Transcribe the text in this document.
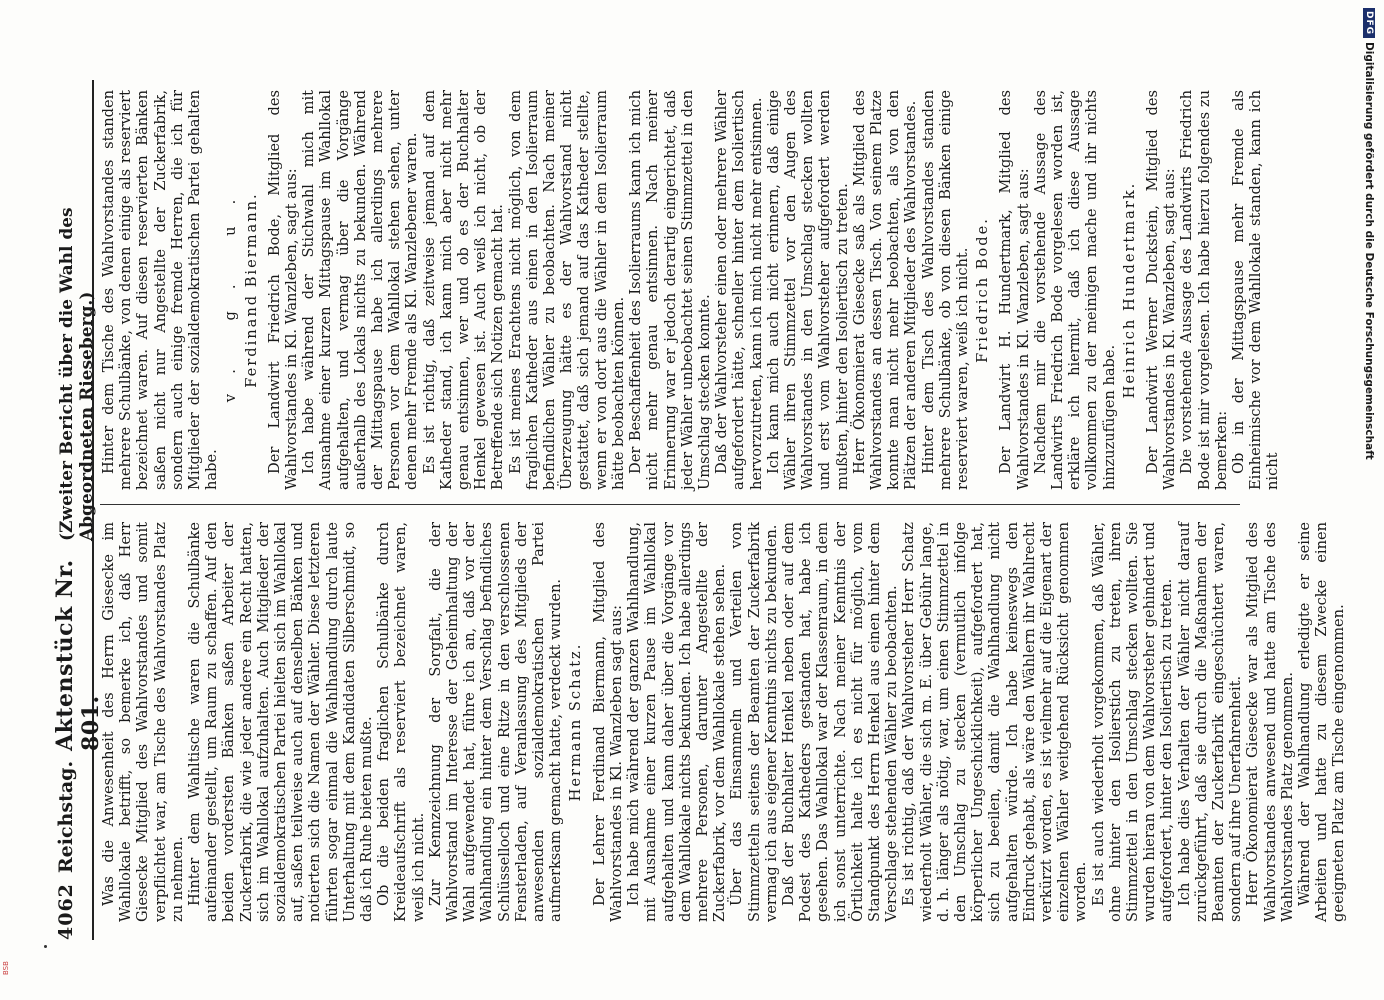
4062
Reichstag.
Aktenstück Nr. 801.
(Zweiter Bericht über die Wahl des Abgeordneten Rieseberg.)

Was die Anwesenheit des Herrn Giesecke im Wahllokale betrifft, so bemerke ich, daß Herr Giesecke Mitglied des Wahlvorstandes und somit verpflichtet war, am Tische des Wahlvorstandes Platz zu nehmen. Hinter dem Wahltische waren die Schulbänke aufeinander gestellt, um Raum zu schaffen. Auf den beiden vordersten Bänken saßen Arbeiter der Zuckerfabrik, die wie jeder andere ein Recht hatten, sich im Wahllokal aufzuhalten. Auch Mitglieder der sozialdemokratischen Partei hielten sich im Wahllokal auf, saßen teilweise auch auf denselben Bänken und notierten sich die Namen der Wähler. Diese letzteren führten sogar einmal die Wahlhandlung durch laute Unterhaltung mit dem Kandidaten Silberschmidt, so daß ich Ruhe bieten mußte. Ob die beiden fraglichen Schulbänke durch Kreideaufschrift als reserviert bezeichnet waren, weiß ich nicht. Zur Kennzeichnung der Sorgfalt, die der Wahlvorstand im Interesse der Geheimhaltung der Wahl aufgewendet hat, führe ich an, daß vor der Wahlhandlung ein hinter dem Verschlag befindliches Schlüsselloch und eine Ritze in den verschlossenen Fensterladen, auf Veranlassung des Mitglieds der anwesenden sozialdemokratischen Partei aufmerksam gemacht hatte, verdeckt wurden. Hermann Schatz. Der Lehrer Ferdinand Biermann, Mitglied des Wahlvorstandes in Kl. Wanzleben sagt aus: Ich habe mich während der ganzen Wahlhandlung, mit Ausnahme einer kurzen Pause im Wahllokal aufgehalten und kann daher über die Vorgänge vor dem Wahllokale nichts bekunden. Ich habe allerdings mehrere Personen, darunter Angestellte der Zuckerfabrik, vor dem Wahllokale stehen sehen. Über das Einsammeln und Verteilen von Stimmzetteln seitens der Beamten der Zuckerfabrik vermag ich aus eigener Kenntnis nichts zu bekunden. Daß der Buchhalter Henkel neben oder auf dem Podest des Katheders gestanden hat, habe ich gesehen. Das Wahllokal war der Klassenraum, in dem ich sonst unterrichte. Nach meiner Kenntnis der Örtlichkeit halte ich es nicht für möglich, vom Standpunkt des Herrn Henkel aus einen hinter dem Verschlage stehenden Wähler zu beobachten. Es ist richtig, daß der Wahlvorsteher Herr Schatz wiederholt Wähler, die sich m. E. über Gebühr lange, d. h. länger als nötig, war, um einen Stimmzettel in den Umschlag zu stecken (vermutlich infolge körperlicher Ungeschicklichkeit), aufgefordert hat, sich zu beeilen, damit die Wahlhandlung nicht aufgehalten würde. Ich habe keineswegs den Eindruck gehabt, als wäre den Wählern ihr Wahlrecht verkürzt worden, es ist vielmehr auf die Eigenart der einzelnen Wähler weitgehend Rücksicht genommen worden. Es ist auch wiederholt vorgekommen, daß Wähler, ohne hinter den Isolierstich zu treten, ihren Stimmzettel in den Umschlag stecken wollten. Sie wurden hieran von dem Wahlvorsteher gehindert und aufgefordert, hinter den Isoliertisch zu treten. Ich habe dies Verhalten der Wähler nicht darauf zurückgeführt, daß sie durch die Maßnahmen der Beamten der Zuckerfabrik eingeschüchtert waren, sondern auf ihre Unerfahrenheit. Herr Ökonomierat Giesecke war als Mitglied des Wahlvorstandes anwesend und hatte am Tische des Wahlvorstandes Platz genommen. Während der Wahlhandlung erledigte er seine Arbeiten und hatte zu diesem Zwecke einen geeigneten Platz am Tische eingenommen.

Hinter dem Tische des Wahlvorstandes standen mehrere Schulbänke, von denen einige als reserviert bezeichnet waren. Auf diesen reservierten Bänken saßen nicht nur Angestellte der Zuckerfabrik, sondern auch einige fremde Herren, die ich für Mitglieder der sozialdemokratischen Partei gehalten habe.

v. g. u. Ferdinand Biermann. Der Landwirt Friedrich Bode, Mitglied des Wahlvorstandes in Kl. Wanzleben, sagt aus: Ich habe während der Stichwahl mich mit Ausnahme einer kurzen Mittagspause im Wahllokal aufgehalten, und vermag über die Vorgänge außerhalb des Lokals nichts zu bekunden. Während der Mittagspause habe ich allerdings mehrere Personen vor dem Wahllokal stehen sehen, unter denen mehr Fremde als Kl. Wanzlebener waren. Es ist richtig, daß zeitweise jemand auf dem Katheder stand, ich kann mich aber nicht mehr genau entsinnen, wer und ob es der Buchhalter Henkel gewesen ist. Auch weiß ich nicht, ob der Betreffende sich Notizen gemacht hat. Es ist meines Erachtens nicht möglich, von dem fraglichen Katheder aus einen in den Isolierraum befindlichen Wähler zu beobachten. Nach meiner Überzeugung hätte es der Wahlvorstand nicht gestattet, daß sich jemand auf das Katheder stellte, wenn er von dort aus die Wähler in dem Isolierraum hätte beobachten können. Der Beschaffenheit des Isolierraums kann ich mich nicht mehr genau entsinnen. Nach meiner Erinnerung war er jedoch derartig eingerichtet, daß jeder Wähler unbeobachtet seinen Stimmzettel in den Umschlag stecken konnte. Daß der Wahlvorsteher einen oder mehrere Wähler aufgefordert hätte, schneller hinter dem Isoliertisch hervorzutreten, kann ich mich nicht mehr entsinnen. Ich kann mich auch nicht erinnern, daß einige Wähler ihren Stimmzettel vor den Augen des Wahlvorstandes in den Umschlag stecken wollten und erst vom Wahlvorsteher aufgefordert werden mußten, hinter den Isoliertisch zu treten. Herr Ökonomierat Giesecke saß als Mitglied des Wahlvorstandes an dessen Tisch. Von seinem Platze konnte man nicht mehr beobachten, als von den Plätzen der anderen Mitglieder des Wahlvorstandes. Hinter dem Tisch des Wahlvorstandes standen mehrere Schulbänke, ob von diesen Bänken einige reserviert waren, weiß ich nicht. Friedrich Bode. Der Landwirt H. Hundertmark, Mitglied des Wahlvorstandes in Kl. Wanzleben, sagt aus: Nachdem mir die vorstehende Aussage des Landwirts Friedrich Bode vorgelesen worden ist, erkläre ich hiermit, daß ich diese Aussage vollkommen zu der meinigen mache und ihr nichts hinzuzufügen habe.

Heinrich Hundertmark. Der Landwirt Werner Duckstein, Mitglied des Wahlvorstandes in Kl. Wanzleben, sagt aus: Die vorstehende Aussage des Landwirts Friedrich Bode ist mir vorgelesen. Ich habe hierzu folgendes zu bemerken: Ob in der Mittagspause mehr Fremde als Einheimische vor dem Wahllokale standen, kann ich nicht

DFG
Digitalisierung gefördert durch die Deutsche Forschungsgemeinschaft
BSB
